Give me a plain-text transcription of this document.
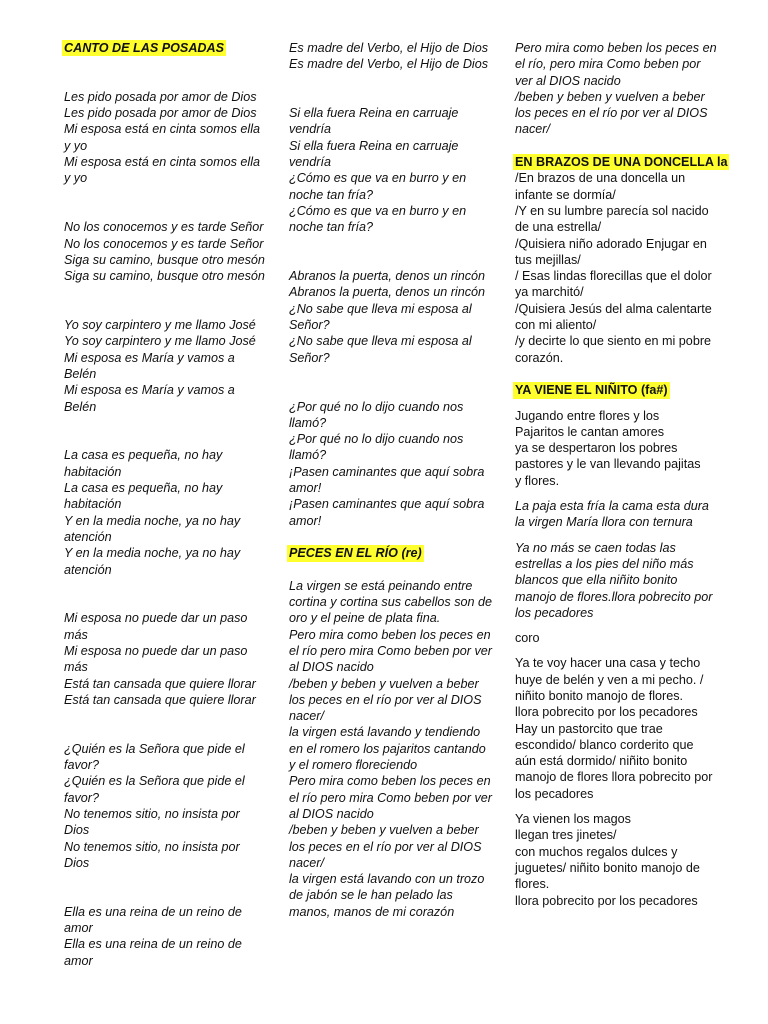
CANTO DE LAS POSADAS
Les pido posada por amor de Dios
Les pido posada por amor de Dios
Mi esposa está en cinta somos ella
y yo
Mi esposa está en cinta somos ella
y yo
No los conocemos y es tarde Señor
No los conocemos y es tarde Señor
Siga su camino, busque otro mesón
Siga su camino, busque otro mesón
Yo soy carpintero y me llamo José
Yo soy carpintero y me llamo José
Mi esposa es María y vamos a
Belén
Mi esposa es María y vamos a
Belén
La casa es pequeña, no hay
habitación
La casa es pequeña, no hay
habitación
Y en la media noche, ya no hay
atención
Y en la media noche, ya no hay
atención
Mi esposa no puede dar un paso
más
Mi esposa no puede dar un paso
más
Está tan cansada que quiere llorar
Está tan cansada que quiere llorar
¿Quién es la Señora que pide el
favor?
¿Quién es la Señora que pide el
favor?
No tenemos sitio, no insista por
Dios
No tenemos sitio, no insista por
Dios
Ella es una reina de un reino de
amor
Ella es una reina de un reino de
amor
Es madre del Verbo, el Hijo de Dios
Es madre del Verbo, el Hijo de Dios
Si ella fuera Reina en carruaje
vendría
Si ella fuera Reina en carruaje
vendría
¿Cómo es que va en burro y en
noche tan fría?
¿Cómo es que va en burro y en
noche tan fría?
Abranos la puerta, denos un rincón
Abranos la puerta, denos un rincón
¿No sabe que lleva mi esposa al
Señor?
¿No sabe que lleva mi esposa al
Señor?
¿Por qué no lo dijo cuando nos
llamó?
¿Por qué no lo dijo cuando nos
llamó?
¡Pasen caminantes que aquí sobra
amor!
¡Pasen caminantes que aquí sobra
amor!
PECES EN EL RÍO (re)
La virgen se está peinando entre
cortina y cortina sus cabellos son de
oro y el peine de plata fina.
Pero mira como beben los peces en
el río pero mira Como beben por ver
al DIOS nacido
/beben y beben y vuelven a beber
los peces en el río por ver al DIOS
nacer/
la virgen está lavando y tendiendo
en el romero los pajaritos cantando
y el romero floreciendo
Pero mira como beben los peces en
el río pero mira Como beben por ver
al DIOS nacido
/beben y beben y vuelven a beber
los peces en el río por ver al DIOS
nacer/
la virgen está lavando con un trozo
de jabón se le han pelado las
manos, manos de mi corazón
Pero mira como beben los peces en
el río, pero mira Como beben por
ver al DIOS nacido
/beben y beben y vuelven a beber
los peces en el río por ver al DIOS
nacer/
EN BRAZOS DE UNA DONCELLA la
/En brazos de una doncella un
infante se dormía/
/Y en su lumbre parecía sol nacido
de una estrella/
/Quisiera niño adorado Enjugar en
tus mejillas/
/ Esas lindas florecillas que el dolor
ya marchitó/
/Quisiera Jesús del alma calentarte
con mi aliento/
/y decirte lo que siento en mi pobre
corazón.
YA VIENE EL NIÑITO (fa#)
Jugando entre flores y los
Pajaritos le cantan amores
ya se despertaron los pobres
pastores y le van llevando pajitas
y flores.
La paja esta fría la cama esta dura
la virgen María llora con ternura
Ya no más se caen todas las
estrellas a los pies del niño más
blancos que ella niñito bonito
manojo de flores.llora pobrecito por
los pecadores
coro
Ya te voy hacer una casa y techo
huye de belén y ven a mi pecho. /
niñito bonito manojo de flores.
llora pobrecito por los pecadores
Hay un pastorcito que trae
escondido/ blanco corderito que
aún está dormido/ niñito bonito
manojo de flores llora pobrecito por
los pecadores
Ya vienen los magos
llegan tres jinetes/
con muchos regalos dulces y
juguetes/ niñito bonito manojo de
flores.
llora pobrecito por los pecadores
